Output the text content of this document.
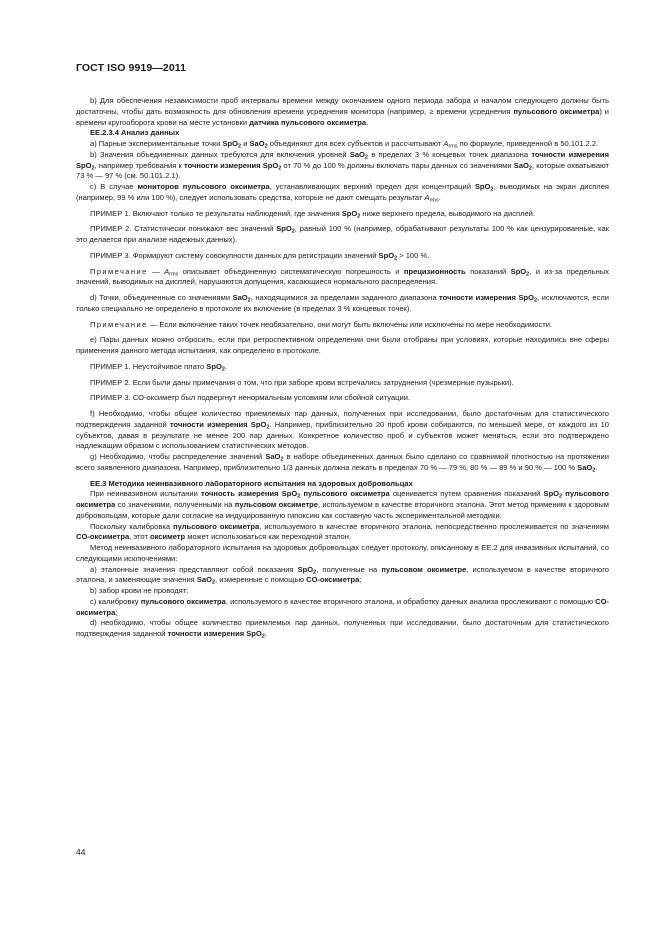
ГОСТ ISO 9919—2011

b) Для обеспечения независимости проб интервалы времени между окончанием одного периода забора и началом следующего должны быть достаточны, чтобы дать возможность для обновления времени усреднения монитора (например, ≥ времени усреднения пульсового оксиметра) и времени кругооборота крови на месте установки датчика пульсового оксиметра.

EE.2.3.4 Анализ данных

a) Парные экспериментальные точки SpO$_2$ и SaO$_2$ объединяют для всех субъектов и рассчитывают $A_{rms}$ по формуле, приведенной в 50.101.2.2.

b) Значения объединенных данных требуются для включения уровней SaO$_2$ в пределах 3 % концевых точек диапазона точности измерения SpO$_2$, например требования к точности измерения SpO$_2$ от 70 % до 100 % должны включать пары данных со значениями SaO$_2$, которые охватывают 73 % — 97 % (см. 50.101.2.1).

c) В случае мониторов пульсового оксиметра, устанавливающих верхний предел для концентраций SpO$_2$, выводимых на экран дисплея (например, 99 % или 100 %), следует использовать средства, которые не дают смещать результат $A_{rms}$.

ПРИМЕР 1. Включают только те результаты наблюдений, где значения SpO$_2$ ниже верхнего предела, выводимого на дисплей.

ПРИМЕР 2. Статистически понижают вес значений SpO$_2$, равный 100 % (например, обрабатывают результаты 100 % как цензурированные, как это делается при анализе надежных данных).

ПРИМЕР 3. Формируют систему совокупности данных для регистрации значений SpO$_2$ > 100 %.

Примечание — $A_{rms}$ описывает объединенную систематическую погрешность и прецизионность показаний SpO$_2$, и из-за предельных значений, выводимых на дисплей, нарушаются допущения, касающиеся нормального распределения.

d) Точки, объединенные со значениями SaO$_2$, находящимися за пределами заданного диапазона точности измерения SpO$_2$, исключаются, если только специально не определено в протоколе их включение (в пределах 3 % концевых точек).

Примечание — Если включение таких точек необязательно, они могут быть включены или исключены по мере необходимости.

e) Пары данных можно отбросить, если при ретроспективном определении они были отобраны при условиях, которые находились вне сферы применения данного метода испытания, как определено в протоколе.

ПРИМЕР 1. Неустойчивое плато SpO$_2$.

ПРИМЕР 2. Если были даны примечания о том, что при заборе крови встречались затруднения (чрезмерные пузырьки).

ПРИМЕР 3. CO-оксиметр был подвергнут ненормальным условиям или сбойной ситуации.

f) Необходимо, чтобы общее количество приемлемых пар данных, полученных при исследовании, было достаточным для статистического подтверждения заданной точности измерения SpO$_2$. Например, приблизительно 20 проб крови собираются, по меньшей мере, от каждого из 10 субъектов, давая в результате не менее 200 пар данных. Конкретное количество проб и субъектов может меняться, если это подтверждено надлежащим образом с использованием статистических методов.

g) Необходимо, чтобы распределение значений SaO$_2$ в наборе объединенных данных было сделано со сравнимой плотностью на протяжении всего заявленного диапазона. Например, приблизительно 1/3 данных должна лежать в пределах 70 % — 79 %, 80 % — 89 % и 90 % — 100 % SaO$_2$.

EE.3 Методика неинвазивного лабораторного испытания на здоровых добровольцах

При неинвазивном испытании точность измерения SpO$_2$ пульсового оксиметра оценивается путем сравнения показаний SpO$_2$ пульсового оксиметра со значениями, полученными на пульсовом оксиметре, используемом в качестве вторичного эталона. Этот метод применим к здоровым добровольцам, которые дали согласие на индуцированную гипоксию как составную часть экспериментальной методики.

Поскольку калибровка пульсового оксиметра, используемого в качестве вторичного эталона, непосредственно прослеживается по значениям CO-оксиметра, этот оксиметр может использоваться как переходной эталон.

Метод неинвазивного лабораторного испытания на здоровых добровольцах следует протоколу, описанному в EE.2 для инвазивных испытаний, со следующими исключениями:

a) эталонные значения представляют собой показания SpO$_2$, полученные на пульсовом оксиметре, используемом в качестве вторичного эталона, и заменяющие значения SaO$_2$, измеренные с помощью CO-оксиметра;

b) забор крови не проводят;

c) калибровку пульсового оксиметра, используемого в качестве вторичного эталона, и обработку данных анализа прослеживают с помощью CO-оксиметра;

d) необходимо, чтобы общее количество приемлемых пар данных, полученных при исследовании, было достаточным для статистического подтверждения заданной точности измерения SpO$_2$.

44
